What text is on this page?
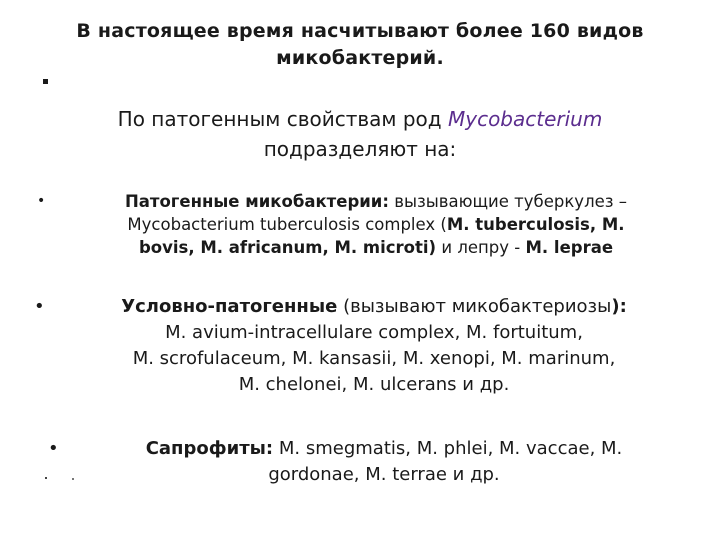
В настоящее время насчитывают более 160 видов
микобактерий.
По патогенным свойствам род Mycobacterium
подразделяют на:
•	Патогенные микобактерии: вызывающие туберкулез –
Mycobacterium tuberculosis complex (M. tuberculosis, M.
bovis, M. africanum, M. microti) и лепру - M. leprae
•	Условно-патогенные (вызывают микобактериозы):
M. avium-intracellulare complex, M. fortuitum,
M. scrofulaceum, M. kansasii, M. xenopi, M. marinum,
M. chelonei, M. ulcerans и др.
•	Сапрофиты: M. smegmatis, M. phlei, M. vaccae, M.
gordonae, M. terrae и др.
